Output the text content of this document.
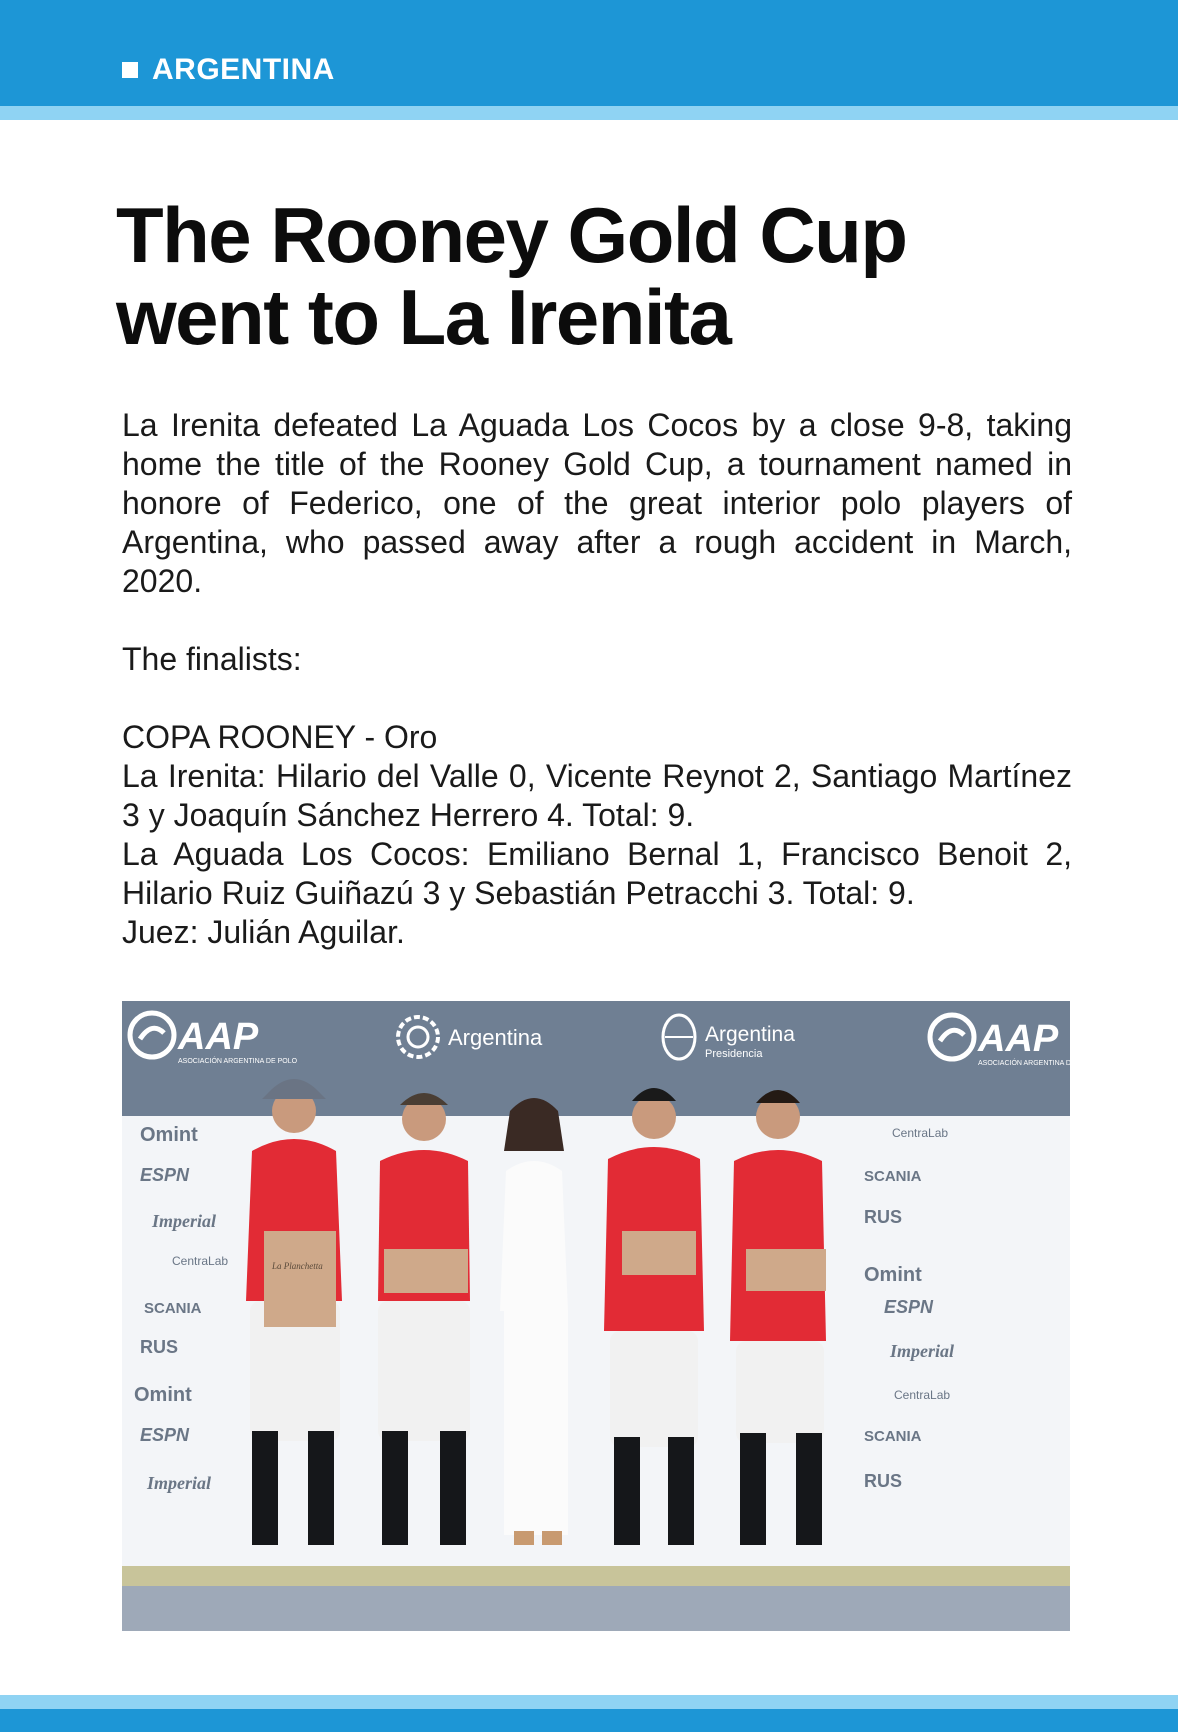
ARGENTINA
The Rooney Gold Cup
went to La Irenita

La Irenita defeated La Aguada Los Cocos by a close 9-8, taking home the title of the Rooney Gold Cup, a tournament named in honore of Federico, one of the great interior polo players of Argentina, who passed away after a rough accident in March, 2020.

The finalists:

COPA ROONEY - Oro

La Irenita: Hilario del Valle 0, Vicente Reynot 2, Santiago Martínez 3 y Joaquín Sánchez Herrero 4. Total: 9.

La Aguada Los Cocos: Emiliano Bernal 1, Francisco Benoit 2, Hilario Ruiz Guiñazú 3 y Sebastián Petracchi 3. Total: 9.

Juez: Julián Aguilar.

AAP
ASOCIACIÓN ARGENTINA DE POLO
Argentina	Argentina
Presidencia	AAP
ASOCIACIÓN ARGENTINA DE POLO
Omint
Omint
Omint
RUS
RUS
RUS
SCANIA
SCANIA
SCANIA
ESPN
ESPN
ESPN
Imperial
Imperial
Imperial
CentraLab
CentraLab
CentraLab
La Planchetta
